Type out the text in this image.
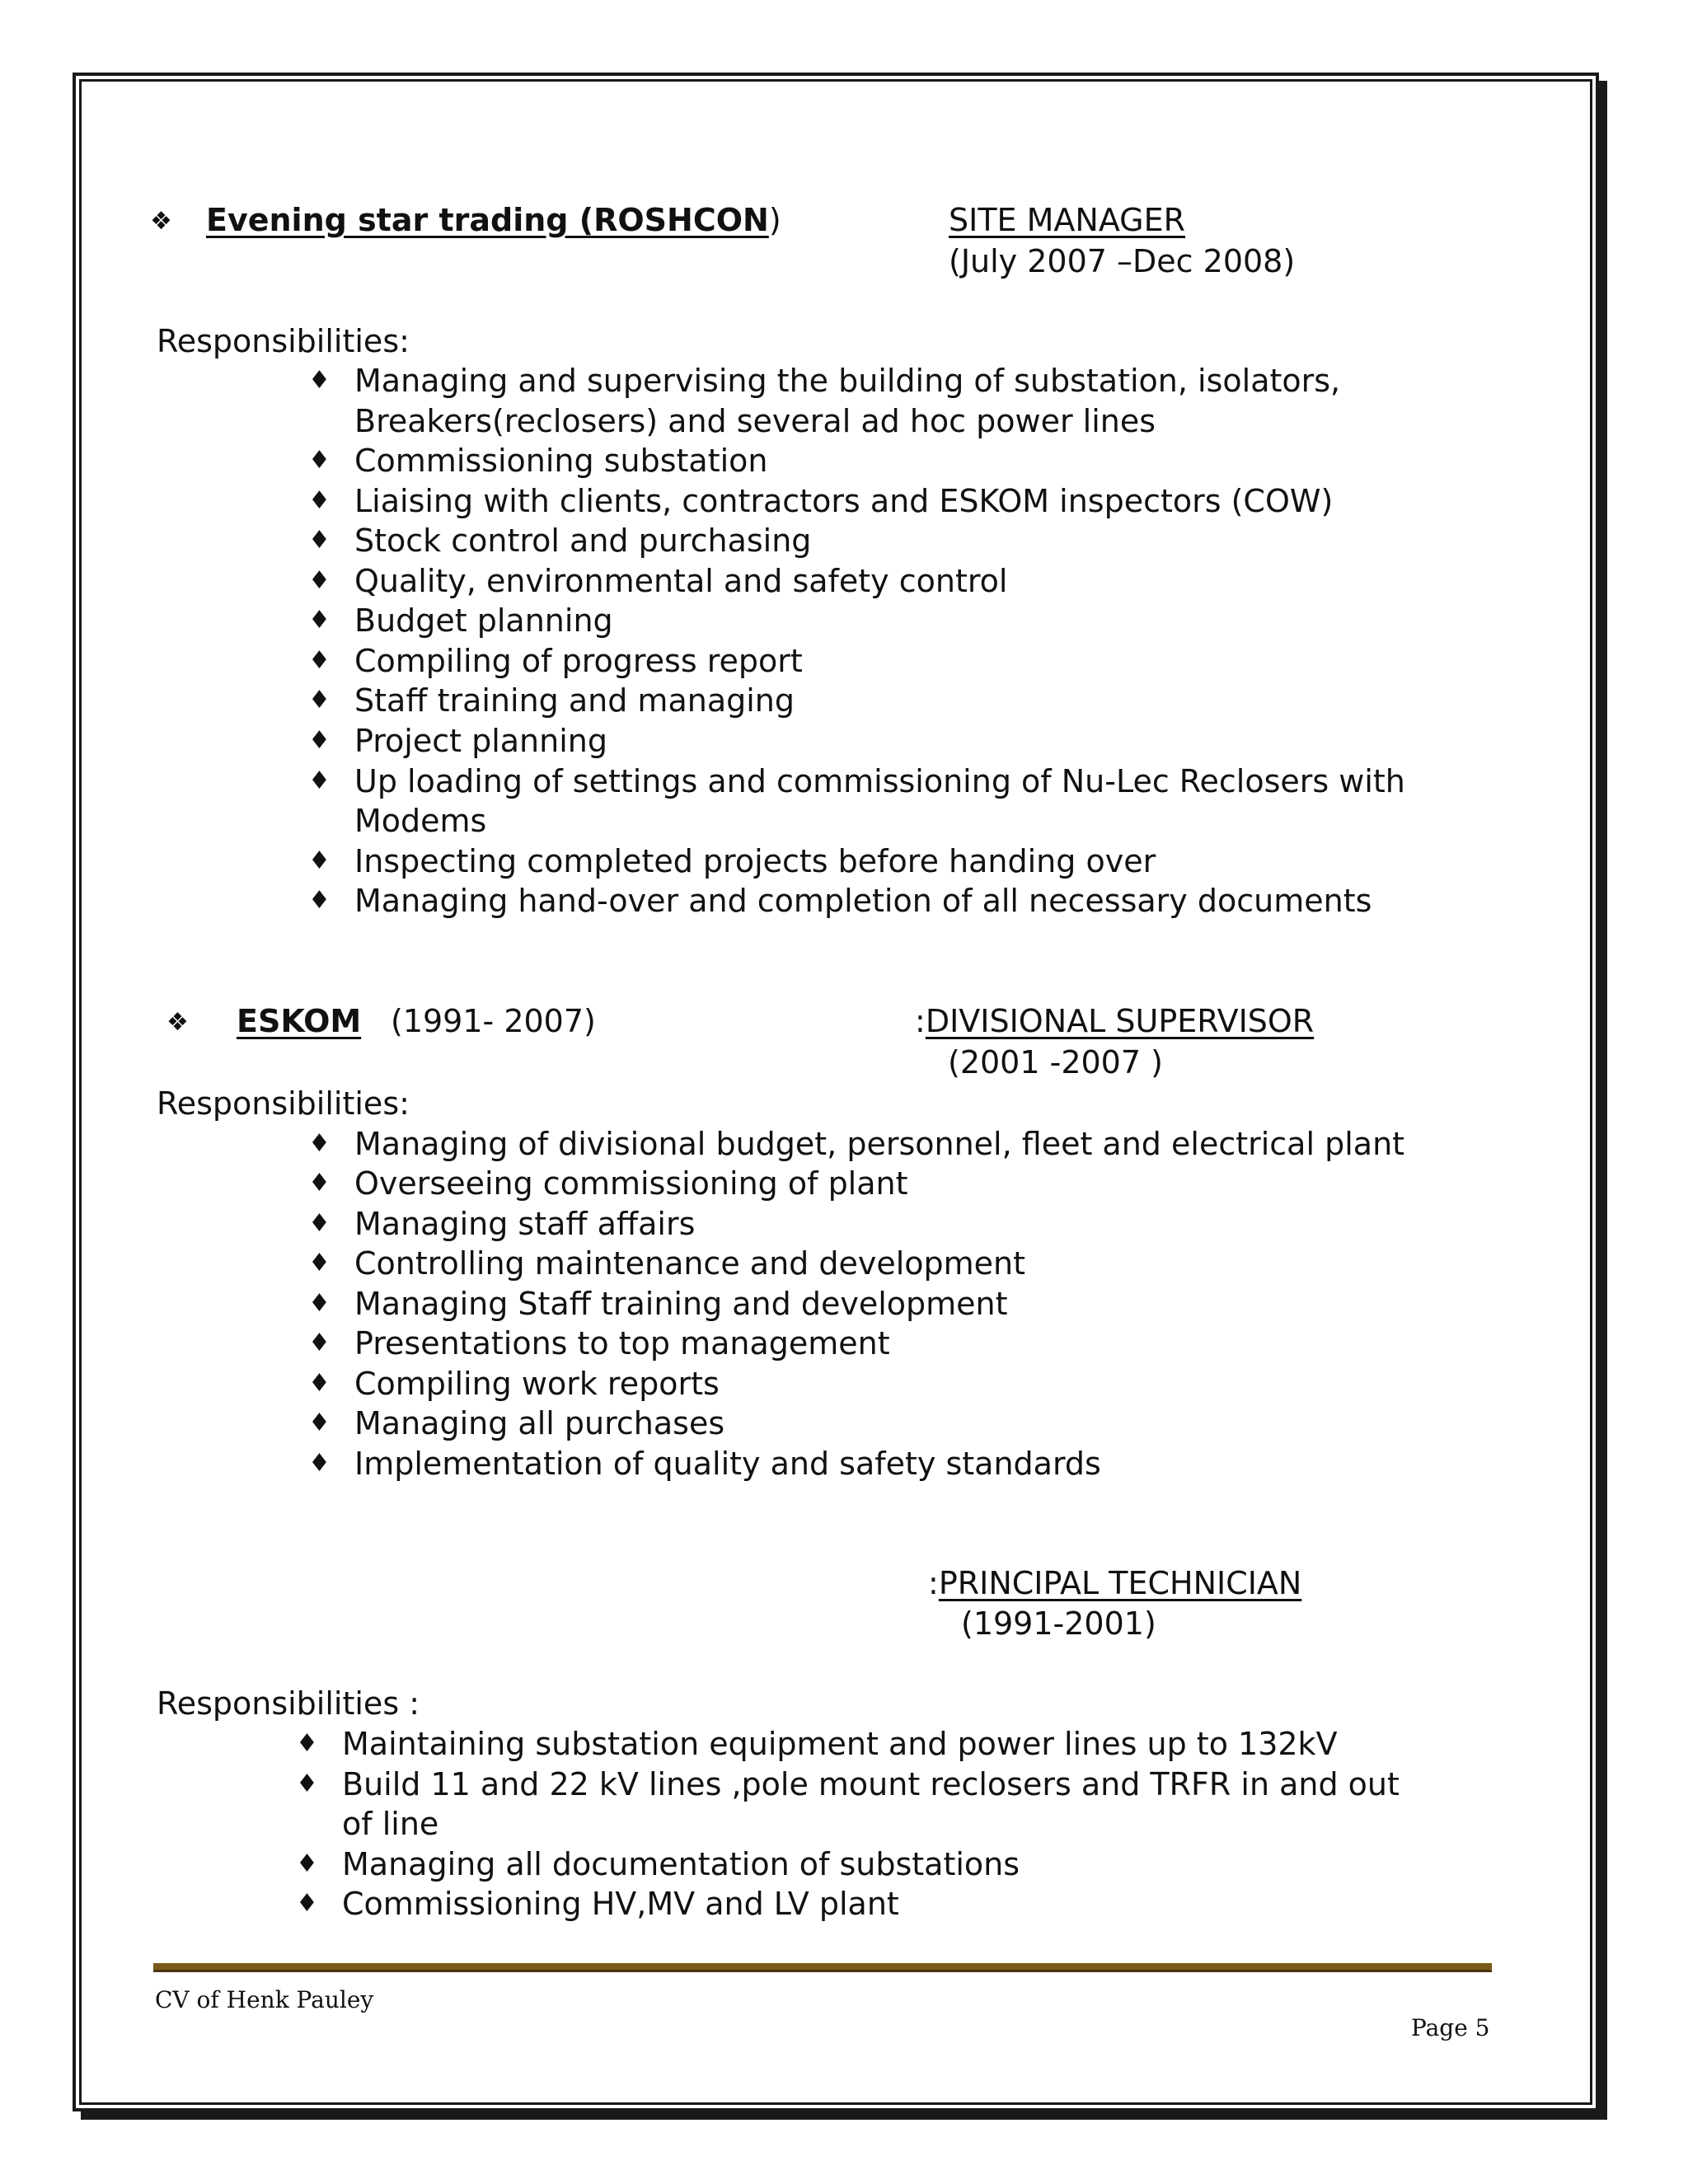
❖ Evening star trading (ROSHCON)	SITE MANAGER
(July 2007 –Dec 2008)
Responsibilities:
♦ Managing and supervising the building of substation, isolators,
Breakers(reclosers) and several ad hoc power lines
♦ Commissioning substation
♦ Liaising with clients, contractors and ESKOM inspectors (COW)
♦ Stock control and purchasing
♦ Quality, environmental and safety control
♦ Budget planning
♦ Compiling of progress report
♦ Staff training and managing
♦ Project planning
♦ Up loading of settings and commissioning of Nu-Lec Reclosers with
Modems
♦ Inspecting completed projects before handing over
♦ Managing hand-over and completion of all necessary documents
❖ ESKOM (1991- 2007)	:DIVISIONAL SUPERVISOR
(2001 -2007 )
Responsibilities:
♦ Managing of divisional budget, personnel, fleet and electrical plant
♦ Overseeing commissioning of plant
♦ Managing staff affairs
♦ Controlling maintenance and development
♦ Managing Staff training and development
♦ Presentations to top management
♦ Compiling work reports
♦ Managing all purchases
♦ Implementation of quality and safety standards
:PRINCIPAL TECHNICIAN
(1991-2001)
Responsibilities :
♦ Maintaining substation equipment and power lines up to 132kV
♦ Build 11 and 22 kV lines ,pole mount reclosers and TRFR in and out
of line
♦ Managing all documentation of substations
♦ Commissioning HV,MV and LV plant
CV of Henk Pauley
Page 5
